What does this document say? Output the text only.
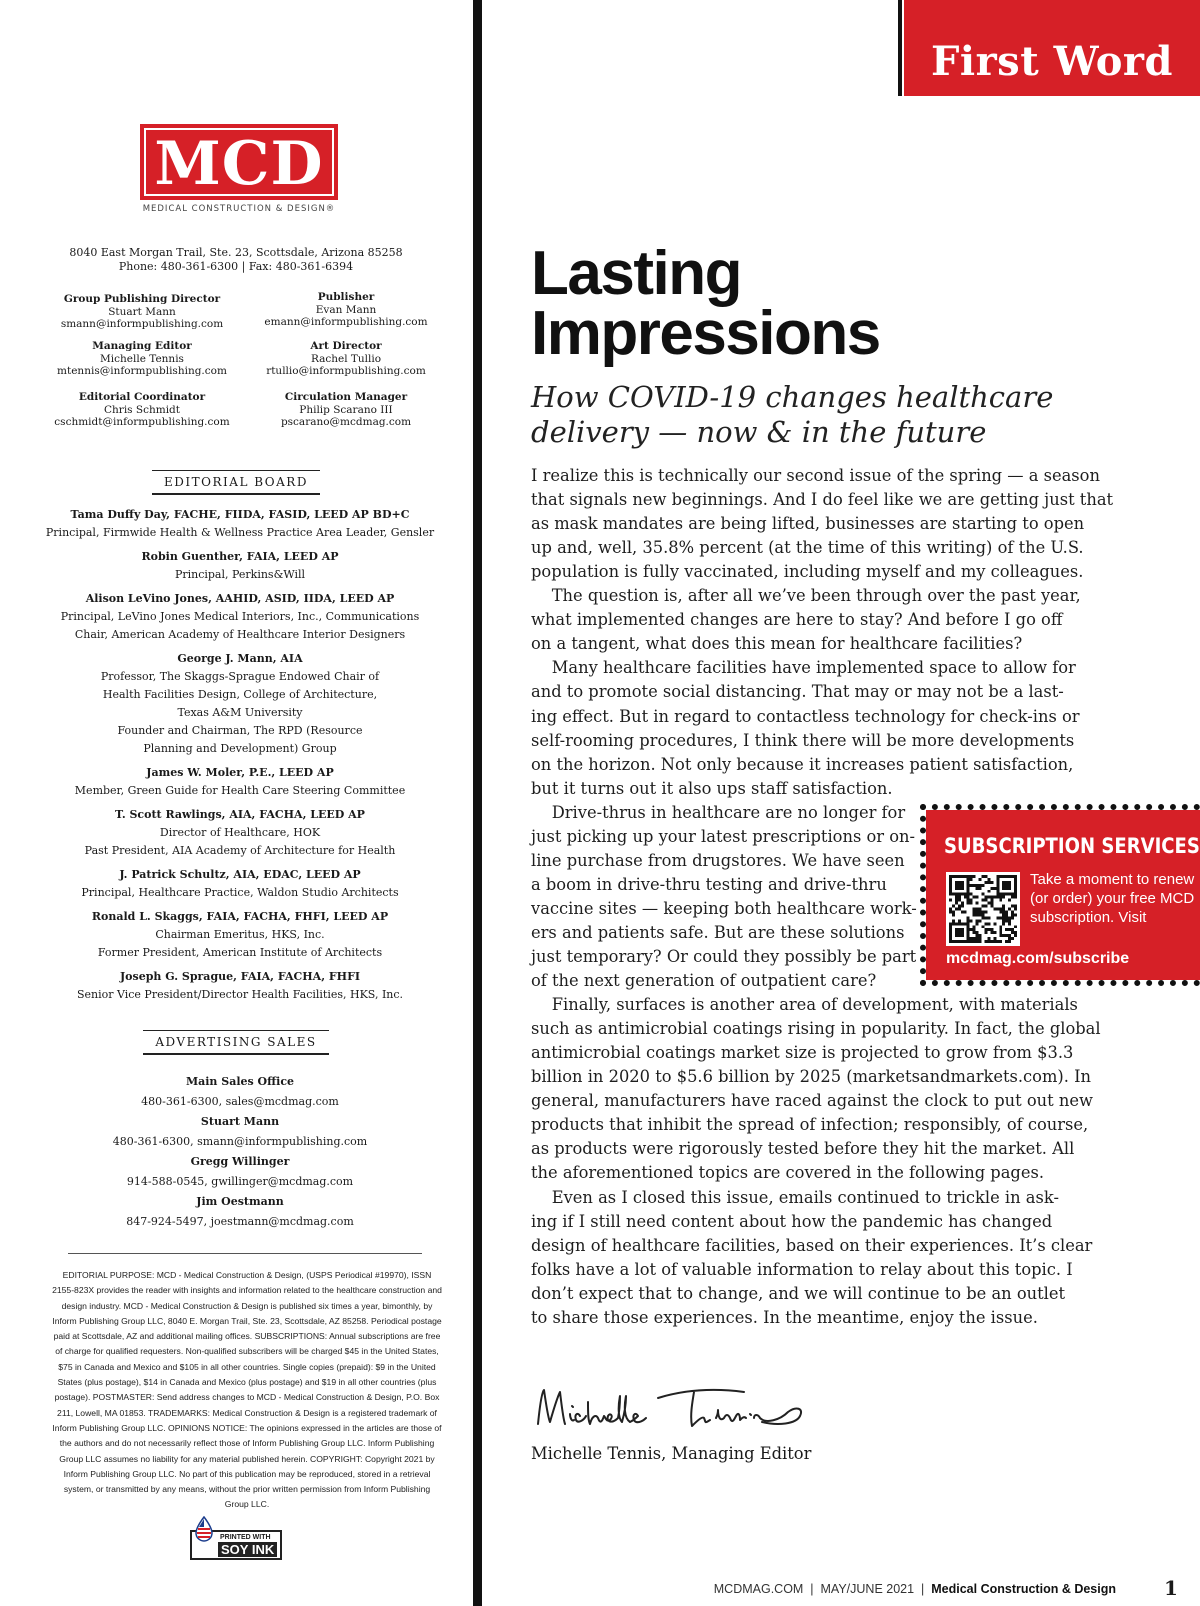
MCD
MEDICAL CONSTRUCTION & DESIGN®
8040 East Morgan Trail, Ste. 23, Scottsdale, Arizona 85258
Phone: 480-361-6300 | Fax: 480-361-6394
Group Publishing Director
Stuart Mann
smann@informpublishing.com
Publisher
Evan Mann
emann@informpublishing.com
Managing Editor
Michelle Tennis
mtennis@informpublishing.com
Art Director
Rachel Tullio
rtullio@informpublishing.com
Editorial Coordinator
Chris Schmidt
cschmidt@informpublishing.com
Circulation Manager
Philip Scarano III
pscarano@mcdmag.com
EDITORIAL BOARD
Tama Duffy Day, FACHE, FIIDA, FASID, LEED AP BD+C
Principal, Firmwide Health & Wellness Practice Area Leader, Gensler
Robin Guenther, FAIA, LEED AP
Principal, Perkins&Will
Alison LeVino Jones, AAHID, ASID, IIDA, LEED AP
Principal, LeVino Jones Medical Interiors, Inc., Communications
Chair, American Academy of Healthcare Interior Designers
George J. Mann, AIA
Professor, The Skaggs-Sprague Endowed Chair of
Health Facilities Design, College of Architecture,
Texas A&M University
Founder and Chairman, The RPD (Resource
Planning and Development) Group
James W. Moler, P.E., LEED AP
Member, Green Guide for Health Care Steering Committee
T. Scott Rawlings, AIA, FACHA, LEED AP
Director of Healthcare, HOK
Past President, AIA Academy of Architecture for Health
J. Patrick Schultz, AIA, EDAC, LEED AP
Principal, Healthcare Practice, Waldon Studio Architects
Ronald L. Skaggs, FAIA, FACHA, FHFI, LEED AP
Chairman Emeritus, HKS, Inc.
Former President, American Institute of Architects
Joseph G. Sprague, FAIA, FACHA, FHFI
Senior Vice President/Director Health Facilities, HKS, Inc.
ADVERTISING SALES
Main Sales Office
480-361-6300, sales@mcdmag.com
Stuart Mann
480-361-6300, smann@informpublishing.com
Gregg Willinger
914-588-0545, gwillinger@mcdmag.com
Jim Oestmann
847-924-5497, joestmann@mcdmag.com
EDITORIAL PURPOSE: MCD - Medical Construction & Design, (USPS Periodical #19970), ISSN 2155-823X provides the reader with insights and information related to the healthcare construction and design industry. MCD - Medical Construction & Design is published six times a year, bimonthly, by Inform Publishing Group LLC, 8040 E. Morgan Trail, Ste. 23, Scottsdale, AZ 85258. Periodical postage paid at Scottsdale, AZ and additional mailing offices. SUBSCRIPTIONS: Annual subscriptions are free of charge for qualified requesters. Non-qualified subscribers will be charged $45 in the United States, $75 in Canada and Mexico and $105 in all other countries. Single copies (prepaid): $9 in the United States (plus postage), $14 in Canada and Mexico (plus postage) and $19 in all other countries (plus postage). POSTMASTER: Send address changes to MCD - Medical Construction & Design, P.O. Box 211, Lowell, MA 01853. TRADEMARKS: Medical Construction & Design is a registered trademark of Inform Publishing Group LLC. OPINIONS NOTICE: The opinions expressed in the articles are those of the authors and do not necessarily reflect those of Inform Publishing Group LLC. Inform Publishing Group LLC assumes no liability for any material published herein. COPYRIGHT: Copyright 2021 by Inform Publishing Group LLC. No part of this publication may be reproduced, stored in a retrieval system, or transmitted by any means, without the prior written permission from Inform Publishing Group LLC.
PRINTED WITH
SOY INK
First Word
Lasting
Impressions
How COVID-19 changes healthcare
delivery — now & in the future
I realize this is technically our second issue of the spring — a season
that signals new beginnings. And I do feel like we are getting just that
as mask mandates are being lifted, businesses are starting to open
up and, well, 35.8% percent (at the time of this writing) of the U.S.
population is fully vaccinated, including myself and my colleagues.
The question is, after all we’ve been through over the past year,
what implemented changes are here to stay? And before I go off
on a tangent, what does this mean for healthcare facilities?
Many healthcare facilities have implemented space to allow for
and to promote social distancing. That may or may not be a last-
ing effect. But in regard to contactless technology for check-ins or
self-rooming procedures, I think there will be more developments
on the horizon. Not only because it increases patient satisfaction,
but it turns out it also ups staff satisfaction.
Drive-thrus in healthcare are no longer for
just picking up your latest prescriptions or on-
line purchase from drugstores. We have seen
a boom in drive-thru testing and drive-thru
vaccine sites — keeping both healthcare work-
ers and patients safe. But are these solutions
just temporary? Or could they possibly be part
of the next generation of outpatient care?
Finally, surfaces is another area of development, with materials
such as antimicrobial coatings rising in popularity. In fact, the global
antimicrobial coatings market size is projected to grow from $3.3
billion in 2020 to $5.6 billion by 2025 (marketsandmarkets.com). In
general, manufacturers have raced against the clock to put out new
products that inhibit the spread of infection; responsibly, of course,
as products were rigorously tested before they hit the market. All
the aforementioned topics are covered in the following pages.
Even as I closed this issue, emails continued to trickle in ask-
ing if I still need content about how the pandemic has changed
design of healthcare facilities, based on their experiences. It’s clear
folks have a lot of valuable information to relay about this topic. I
don’t expect that to change, and we will continue to be an outlet
to share those experiences. In the meantime, enjoy the issue.
SUBSCRIPTION SERVICES
Take a moment to renew (or order) your free MCD subscription. Visit
mcdmag.com/subscribe
Michelle Tennis, Managing Editor
MCDMAG.COM  |  MAY/JUNE 2021  |  Medical Construction & Design 1
